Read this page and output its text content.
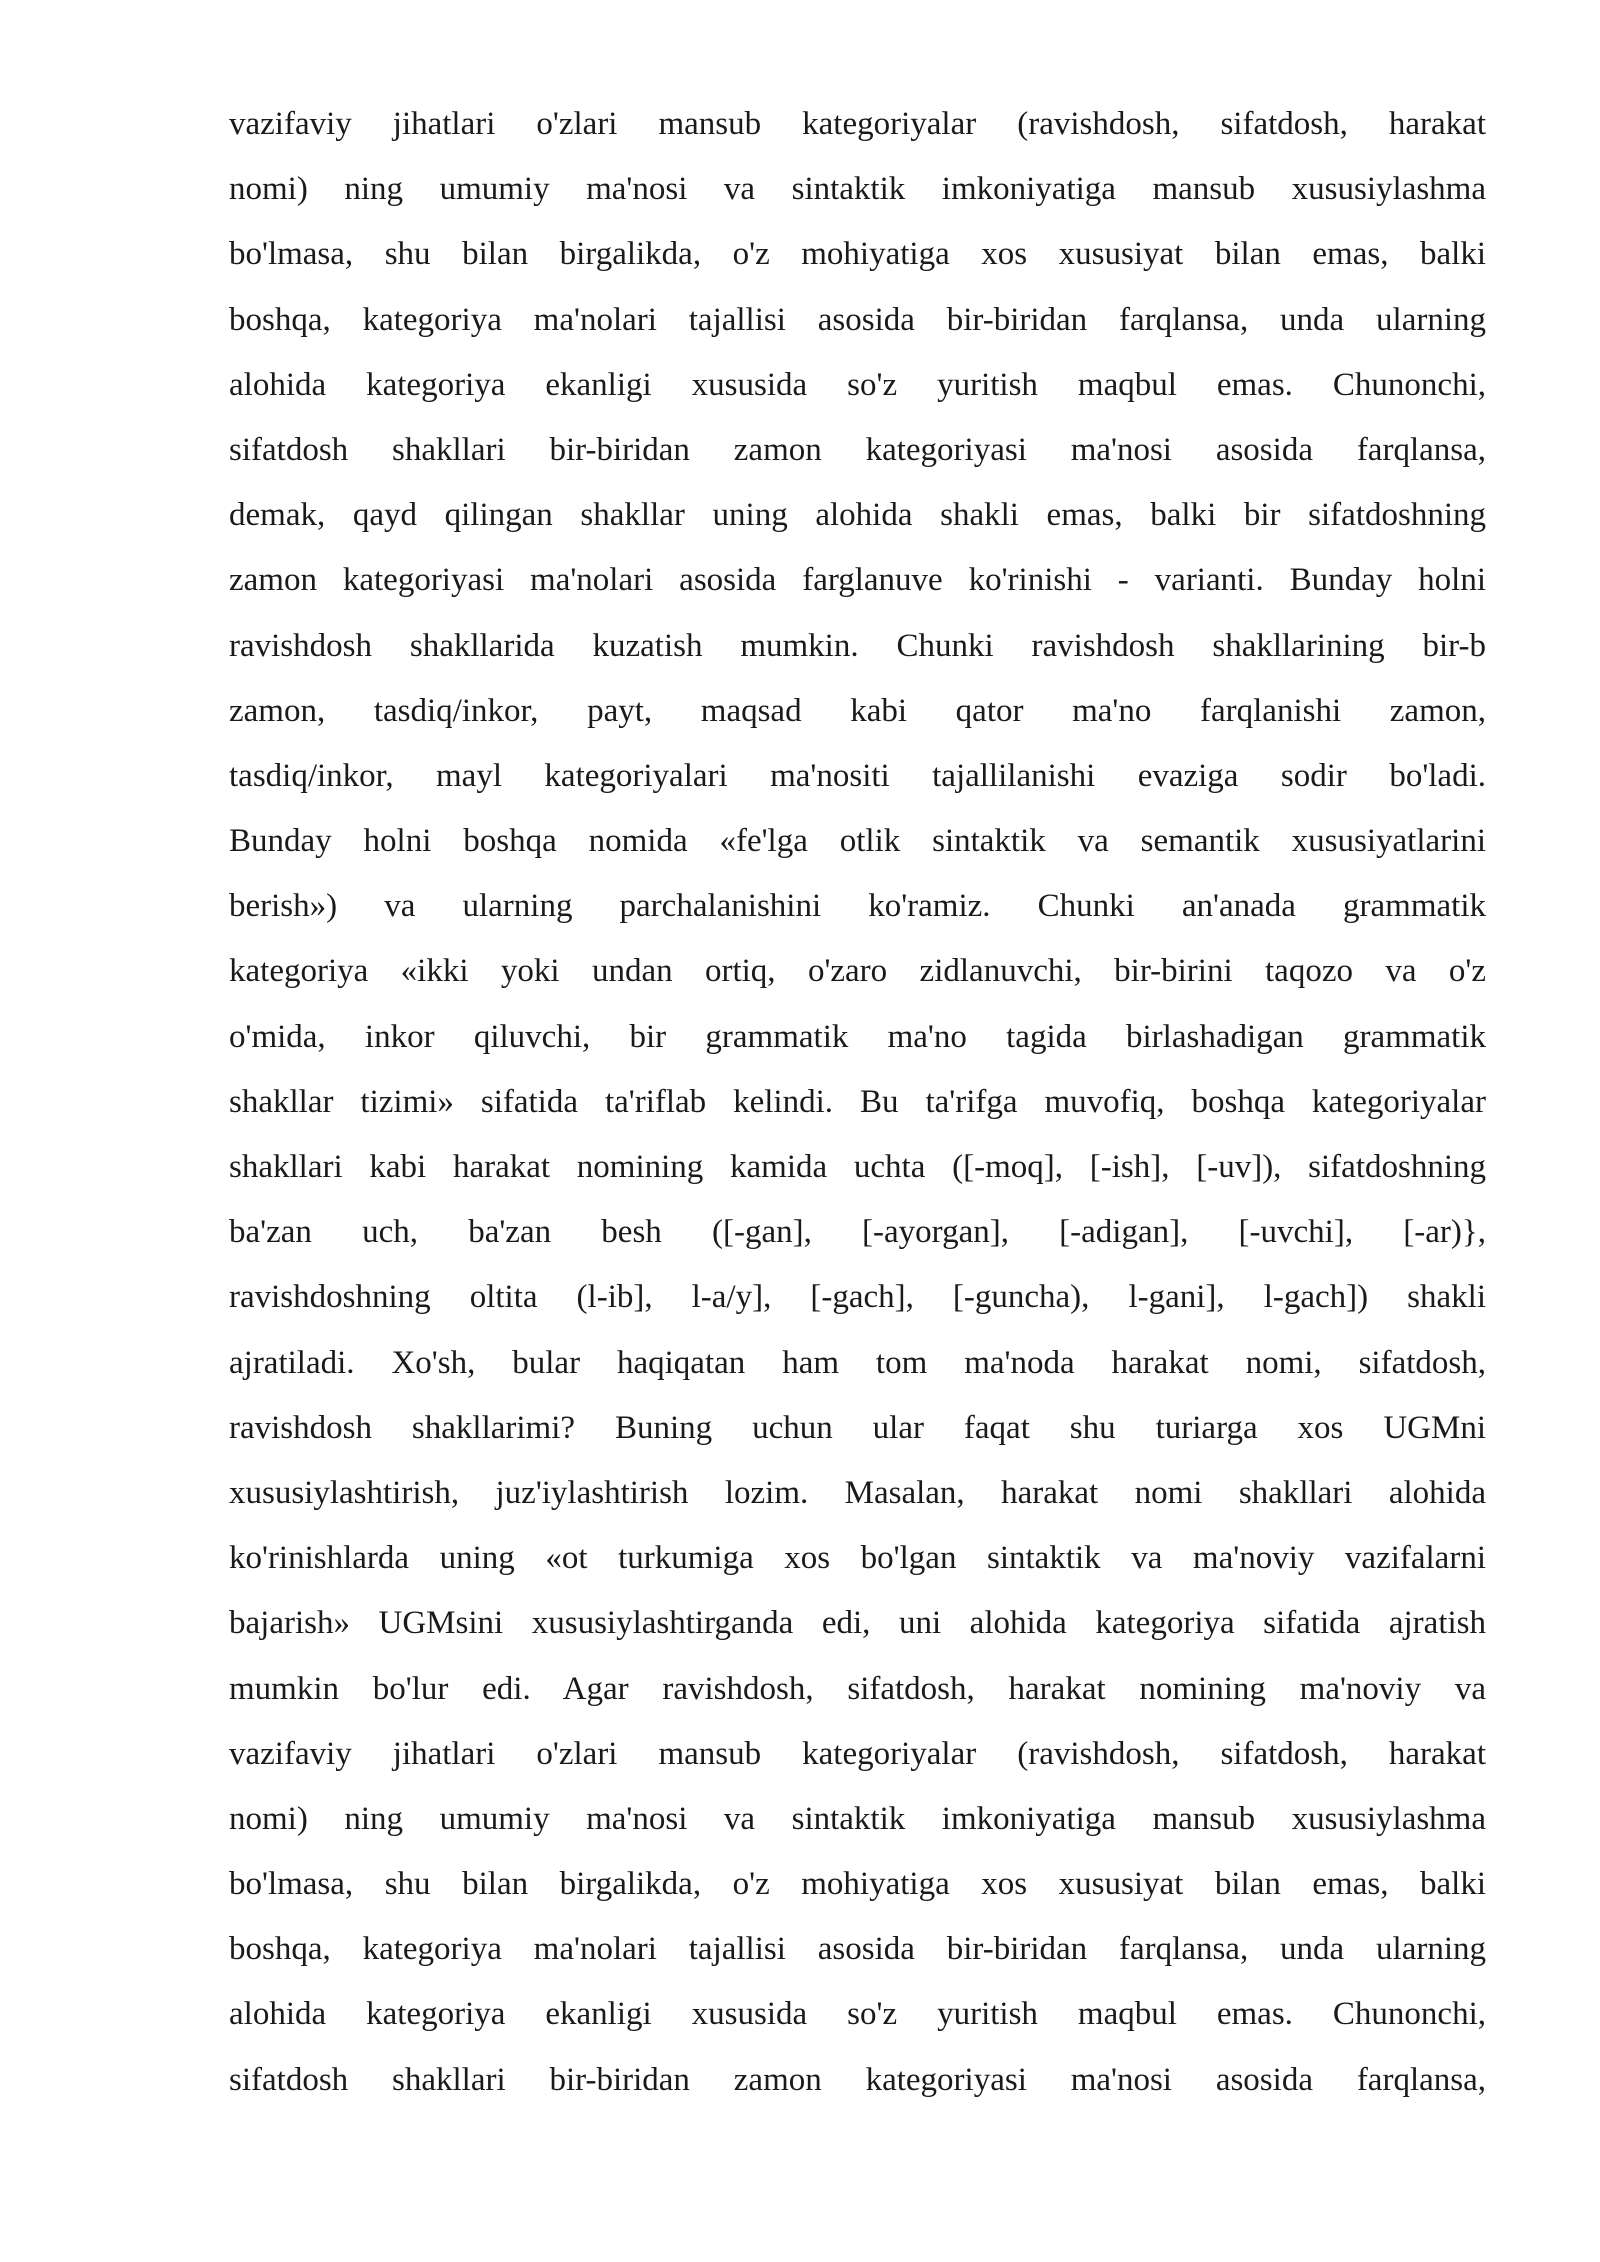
vazifaviy jihatlari o'zlari mansub kategoriyalar (ravishdosh, sifatdosh, harakat
nomi) ning umumiy ma'nosi va sintaktik imkoniyatiga mansub xususiylashma
bo'lmasa, shu bilan birgalikda, o'z mohiyatiga xos xususiyat bilan emas, balki
boshqa, kategoriya ma'nolari tajallisi asosida bir-biridan farqlansa, unda ularning
alohida kategoriya ekanligi xususida so'z yuritish maqbul emas. Chunonchi,
sifatdosh shakllari bir-biridan zamon kategoriyasi ma'nosi asosida farqlansa,
demak, qayd qilingan shakllar uning alohida shakli emas, balki bir sifatdoshning
zamon kategoriyasi ma'nolari asosida farglanuve ko'rinishi - varianti. Bunday holni
ravishdosh shakllarida kuzatish mumkin. Chunki ravishdosh shakllarining bir-b
zamon, tasdiq/inkor, payt, maqsad kabi qator ma'no farqlanishi zamon,
tasdiq/inkor, mayl kategoriyalari ma'nositi tajallilanishi evaziga sodir bo'ladi.
Bunday holni boshqa nomida «fe'lga otlik sintaktik va semantik xususiyatlarini
berish») va ularning parchalanishini ko'ramiz. Chunki an'anada grammatik
kategoriya «ikki yoki undan ortiq, o'zaro zidlanuvchi, bir-birini taqozo va o'z
o'mida, inkor qiluvchi, bir grammatik ma'no tagida birlashadigan grammatik
shakllar tizimi» sifatida ta'riflab kelindi. Bu ta'rifga muvofiq, boshqa kategoriyalar
shakllari kabi harakat nomining kamida uchta ([-moq], [-ish], [-uv]), sifatdoshning
ba'zan uch, ba'zan besh ([-gan], [-ayorgan], [-adigan], [-uvchi], [-ar)},
ravishdoshning oltita (l-ib], l-a/y], [-gach], [-guncha), l-gani], l-gach]) shakli
ajratiladi. Xo'sh, bular haqiqatan ham tom ma'noda harakat nomi, sifatdosh,
ravishdosh shakllarimi? Buning uchun ular faqat shu turiarga xos UGMni
xususiylashtirish, juz'iylashtirish lozim. Masalan, harakat nomi shakllari alohida
ko'rinishlarda uning «ot turkumiga xos bo'lgan sintaktik va ma'noviy vazifalarni
bajarish» UGMsini xususiylashtirganda edi, uni alohida kategoriya sifatida ajratish
mumkin bo'lur edi. Agar ravishdosh, sifatdosh, harakat nomining ma'noviy va
vazifaviy jihatlari o'zlari mansub kategoriyalar (ravishdosh, sifatdosh, harakat
nomi) ning umumiy ma'nosi va sintaktik imkoniyatiga mansub xususiylashma
bo'lmasa, shu bilan birgalikda, o'z mohiyatiga xos xususiyat bilan emas, balki
boshqa, kategoriya ma'nolari tajallisi asosida bir-biridan farqlansa, unda ularning
alohida kategoriya ekanligi xususida so'z yuritish maqbul emas. Chunonchi,
sifatdosh shakllari bir-biridan zamon kategoriyasi ma'nosi asosida farqlansa,
